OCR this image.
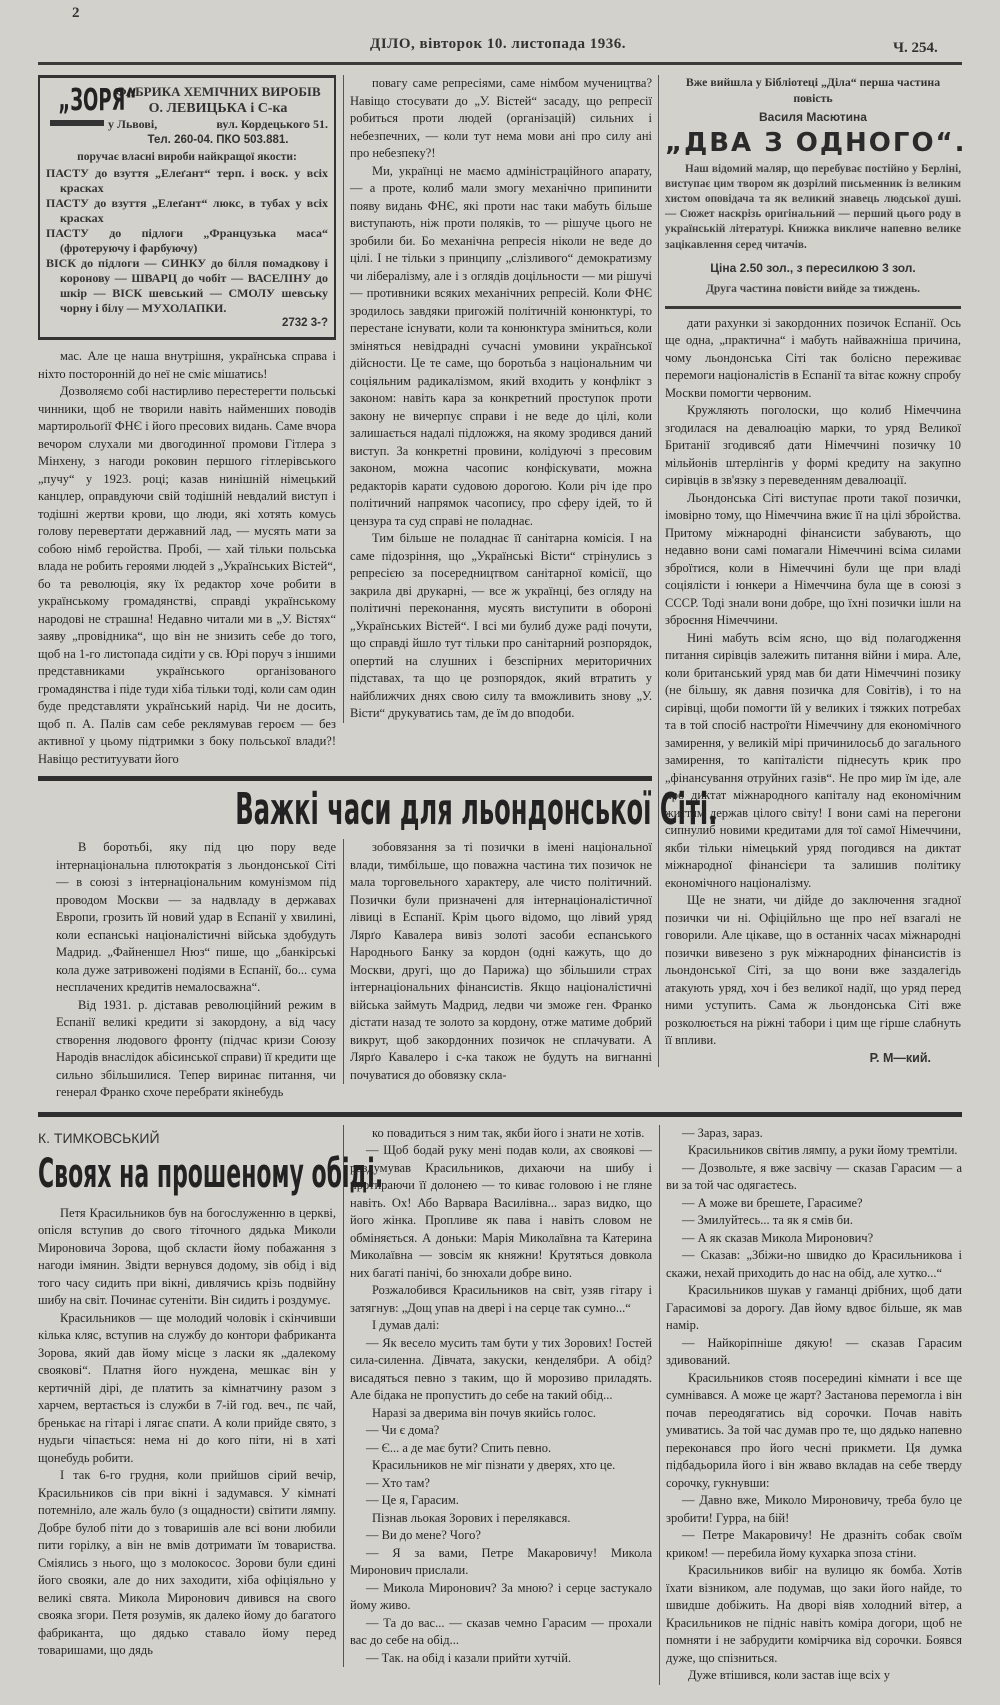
2
ДІЛО, вівторок 10. листопада 1936.	Ч. 254.
„ЗОРЯ“
ФАБРИКА ХЕМІЧНИХ ВИРОБІВ
О. ЛЕВИЦЬКА і С-ка
у Львові,	вул. Кордецького 51.
Тел. 260-04. ПКО 503.881.
поручає власні вироби найкращої якости:
ПАСТУ до взуття „Елеґант“ терп. і воск. у всіх красках
ПАСТУ до взуття „Елеґант“ люкс, в тубах у всіх красках
ПАСТУ до підлоги „Французька маса“ (фротеруючу і фарбуючу)
ВІСК до підлоги — СИНКУ до білля помадкову і коронову — ШВАРЦ до чобіт — ВАСЕЛІНУ до шкір — ВІСК шевський — СМОЛУ шевську чорну і білу — МУХОЛАПКИ.
2732 3-?

мас. Але це наша внутрішня, українська справа і ніхто посторонній до неї не сміє мішатись!

Дозволяємо собі настирливо перестерегти польські чинники, щоб не творили навіть найменших поводів мартирольоґії ФНЄ і його пресових видань. Саме вчора вечором слухали ми двогодинної промови Гітлера з Мінхену, з нагоди роковин першого гітлерівського „пучу“ у 1923. році; казав нинішній німецький канцлер, оправдуючи свій тодішній невдалий виступ і тодішні жертви крови, що люди, які хотять комусь голову перевертати державний лад, — мусять мати за собою німб геройства. Пробі, — хай тільки польська влада не робить героями людей з „Українських Вістей“, бо та революція, яку їх редактор хоче робити в українському громадянстві, справді українському народові не страшна! Недавно читали ми в „У. Вістях“ заяву „провідника“, що він не знизить себе до того, щоб на 1-го листопада сидіти у св. Юрі поруч з іншими представниками українського організованого громадянства і піде туди хіба тільки тоді, коли сам один буде представляти український нарід. Чи не досить, щоб п. А. Палів сам себе реклямував героєм — без активної у цьому підтримки з боку польської влади?! Навіщо реституувати його

повагу саме репресіями, саме німбом мучеництва? Навіщо стосувати до „У. Вістей“ засаду, що репресії робиться проти людей (організацій) сильних і небезпечних, — коли тут нема мови ані про силу ані про небезпеку?!

Ми, українці не маємо адміністраційного апарату, — а проте, колиб мали змогу механічно припинити появу видань ФНЄ, які проти нас таки мабуть більше виступають, ніж проти поляків, то — рішуче цього не зробили би. Бо механічна репресія ніколи не веде до цілі. І не тільки з принципу „слізливого“ демократизму чи лібералізму, але і з оглядів доцільности — ми рішучі — противники всяких механічних репресій. Коли ФНЄ зродилось завдяки пригожій політичній конюнктурі, то перестане існувати, коли та конюнктура зміниться, коли зміняться невідрадні сучасні умовини української дійсности. Це те саме, що боротьба з національним чи соціяльним радикалізмом, який входить у конфлікт з законом: навіть кара за конкретний проступок проти закону не вичерпує справи і не веде до цілі, коли залишається надалі підложжя, на якому зродився даний виступ. За конкретні провини, колідуючі з пресовим законом, можна часопис конфіскувати, можна редакторів карати судовою дорогою. Коли річ іде про політичний напрямок часопису, про сферу ідей, то й цензура та суд справі не поладнає.

Тим більше не поладнає її санітарна комісія. І на саме підозріння, що „Українські Вісти“ стрінулись з репресією за посередництвом санітарної комісії, що закрила дві друкарні, — все ж українці, без огляду на політичні переконання, мусять виступити в обороні „Українських Вістей“. І всі ми булиб дуже раді почути, що справді йшло тут тільки про санітарний розпорядок, опертий на слушних і безспірних мериторичних підставах, та що це розпорядок, який втратить у найближчих днях свою силу та вможливить знову „У. Вісти“ друкуватись там, де їм до вподоби.

Важкі часи для льондонської Сіті.

В боротьбі, яку під цю пору веде інтернаціональна плютократія з льондонської Сіті — в союзі з інтернаціональним комунізмом під проводом Москви — за надвладу в державах Европи, грозить їй новий удар в Еспанії у хвилині, коли еспанські націоналістичні війська здобудуть Мадрид. „Файненшел Нюз“ пише, що „банкірські кола дуже затривожені подіями в Еспанії, бо... сума несплачених кредитів немалосважна“.

Від 1931. р. діставав революційний режим в Еспанії великі кредити зі закордону, а від часу створення людового фронту (підчас кризи Союзу Народів внаслідок абісинської справи) її кредити ще сильно збільшилися. Тепер виринає питання, чи генерал Франко схоче перебрати якінебудь

зобовязання за ті позички в імені національної влади, тимбільше, що поважна частина тих позичок не мала торговельного характеру, але чисто політичний. Позички були призначені для інтернаціоналістичної лівиці в Еспанії. Крім цього відомо, що лівий уряд Лярґо Кавалера вивіз золоті засоби еспанського Народнього Банку за кордон (одні кажуть, що до Москви, другі, що до Парижа) що збільшили страх інтернаціональних фінансистів. Якщо націоналістичні війська займуть Мадрид, ледви чи зможе ген. Франко дістати назад те золото за кордону, отже матиме добрий викрут, щоб закордонних позичок не сплачувати. А Лярґо Кавалеро і с-ка також не будуть на вигнанні почуватися до обовязку скла-

Вже вийшла у Бібліотеці „Діла“ перша частина повість
Василя Масютина
„ДВА З ОДНОГО“.
Наш відомий маляр, що перебуває постійно у Берліні, виступає цим твором як дозрілий письменник із великим хистом оповідача та як великий знавець людської душі. — Сюжет наскрізь оригінальний — перший цього роду в українській літературі. Книжка викличе напевно велике зацікавлення серед читачів.
Ціна 2.50 зол., з пересилкою 3 зол.
Друга частина повісти вийде за тиждень.

дати рахунки зі закордонних позичок Еспанії. Ось ще одна, „практична“ і мабуть найважніша причина, чому льондонська Сіті так болісно переживає перемоги націоналістів в Еспанії та вітає кожну спробу Москви помогти червоним.

Кружляють поголоски, що колиб Німеччина згодилася на девалюацію марки, то уряд Великої Британії згодивсяб дати Німеччині позичку 10 мільйонів штерлінгів у формі кредиту на закупно сирівців в зв'язку з переведенням девалюації.

Льондонська Сіті виступає проти такої позички, імовірно тому, що Німеччина вжиє її на цілі збройства. Притому міжнародні фінансисти забувають, що недавно вони самі помагали Німеччині всіма силами зброїтися, коли в Німеччині були ще при владі соціялісти і юнкери а Німеччина була ще в союзі з СССР. Тоді знали вони добре, що їхні позички ішли на зброєння Німеччини.

Нині мабуть всім ясно, що від полагодження питання сирівців залежить питання війни і мира. Але, коли британський уряд мав би дати Німеччині позику (не більшу, як давня позичка для Совітів), і то на сирівці, щоби помогти їй у великих і тяжких потребах та в той спосіб настроїти Німеччину для економічного замирення, у великій мірі причинилосьб до загального замирення, то капіталісти піднесуть крик про „фінансування отруйних газів“. Не про мир їм іде, але про диктат міжнародного капіталу над економічним життям держав цілого світу! І вони самі на перегони сипнулиб новими кредитами для тої самої Німеччини, якби тільки німецький уряд погодився на диктат міжнародної фінансієри та залишив політику економічного націоналізму.

Ще не знати, чи дійде до заключення згадної позички чи ні. Офіційльно ще про неї взагалі не говорили. Але цікаве, що в останніх часах міжнародні позички вивезено з рук міжнародних фінансистів із льондонської Сіті, за що вони вже заздалегідь атакують уряд, хоч і без великої надії, що уряд перед ними уступить. Сама ж льондонська Сіті вже розколюється на ріжні табори і цим ще гірше слабнуть її впливи.

Р. М—кий.
К. ТИМКОВСЬКИЙ
Своях на прошеному обіді.

Петя Красильников був на богослуженню в церкві, опісля вступив до свого тіточного дядька Миколи Мироновича Зорова, щоб скласти йому побажання з нагоди імянин. Звідти вернувся додому, зів обід і від того часу сидить при вікні, дивлячись крізь подвійну шибу на світ. Починає сутеніти. Він сидить і роздумує.

Красильников — ще молодий чоловік і скінчивши кілька кляс, вступив на службу до контори фабриканта Зорова, який дав йому місце з ласки як „далекому своякові“. Платня його нуждена, мешкає він у кертичній дірі, де платить за кімнатчину разом з харчем, вертається із служби в 7-ій год. веч., пє чай, бренькає на гітарі і лягає спати. А коли прийде свято, з нудьги чіпається: нема ні до кого піти, ні в хаті щонебудь робити.

І так 6-го грудня, коли прийшов сірий вечір, Красильников сів при вікні і задумався. У кімнаті потемніло, але жаль було (з ощадности) світити лямпу. Добре булоб піти до з товаришів але всі вони любили пити горілку, а він не вмів дотримати їм товариства. Сміялись з нього, що з молокосос. Зорови були єдині його свояки, але до них заходити, хіба офіціяльно у великі свята. Микола Миронович дивився на свого свояка згори. Петя розумів, як далеко йому до багатого фабриканта, що дядько ставало йому перед товаришами, що дядь

ко повадиться з ним так, якби його і знати не хотів.

— Щоб бодай руку мені подав коли, ах своякові — роздумував Красильников, дихаючи на шибу і протираючи її долонею — то киває головою і не гляне навіть. Ох! Або Варвара Василівна... зараз видко, що його жінка. Пропливе як пава і навіть словом не обміняється. А доньки: Марія Миколаївна та Катерина Миколаївна — зовсім як княжни! Крутяться довкола них багаті панічі, бо знюхали добре вино.

Розжалобився Красильников на світ, узяв гітару і затягнув: „Дощ упав на двері і на серце так сумно...“

І думав далі:

— Як весело мусить там бути у тих Зорових! Гостей сила-силенна. Дівчата, закуски, кенделябри. А обід? висадяться певно з таким, що й морозиво приладять. Але бідака не пропустить до себе на такий обід...

Наразі за дверима він почув якийсь голос.

— Чи є дома?

— Є... а де має бути? Спить певно.

Красильников не міг пізнати у дверях, хто це.

— Хто там?

— Це я, Гарасим.

Пізнав льокая Зорових і перелякався.

— Ви до мене? Чого?

— Я за вами, Петре Макаровичу! Микола Миронович прислали.

— Микола Миронович? За мною? і серце застукало йому живо.

— Та до вас... — сказав чемно Гарасим — прохали вас до себе на обід...

— Так. на обід і казали прийти хутчій.

— Зараз, зараз.

Красильников світив лямпу, а руки йому тремтіли.

— Дозвольте, я вже засвічу — сказав Гарасим — а ви за той час одягаєтесь.

— А може ви брешете, Гарасиме?

— Змилуйтесь... та як я смів би.

— А як сказав Микола Миронович?

— Сказав: „Збіжи-но швидко до Красильникова і скажи, нехай приходить до нас на обід, але хутко...“

Красильников шукав у гаманці дрібних, щоб дати Гарасимові за дорогу. Дав йому вдвоє більше, як мав намір.

— Найкоріпніше дякую! — сказав Гарасим здивований.

Красильников стояв посередині кімнати і все ще сумнівався. А може це жарт? Застанова перемогла і він почав переодягатись від сорочки. Почав навіть умиватись. За той час думав про те, що дядько напевно переконався про його чесні прикмети. Ця думка підбадьорила його і він жваво вкладав на себе тверду сорочку, гукнувши:

— Давно вже, Миколо Мироновичу, треба було це зробити! Гурра, на бій!

— Петре Макаровичу! Не дразніть собак своїм криком! — перебила йому кухарка зпоза стіни.

Красильников вибіг на вулицю як бомба. Хотів їхати візником, але подумав, що заки його найде, то швидше добіжить. На дворі віяв холодний вітер, а Красильников не підніс навіть коміра догори, щоб не помняти і не забрудити комірчика від сорочки. Боявся дуже, що спізниться.

Дуже втішився, коли застав іще всіх у
